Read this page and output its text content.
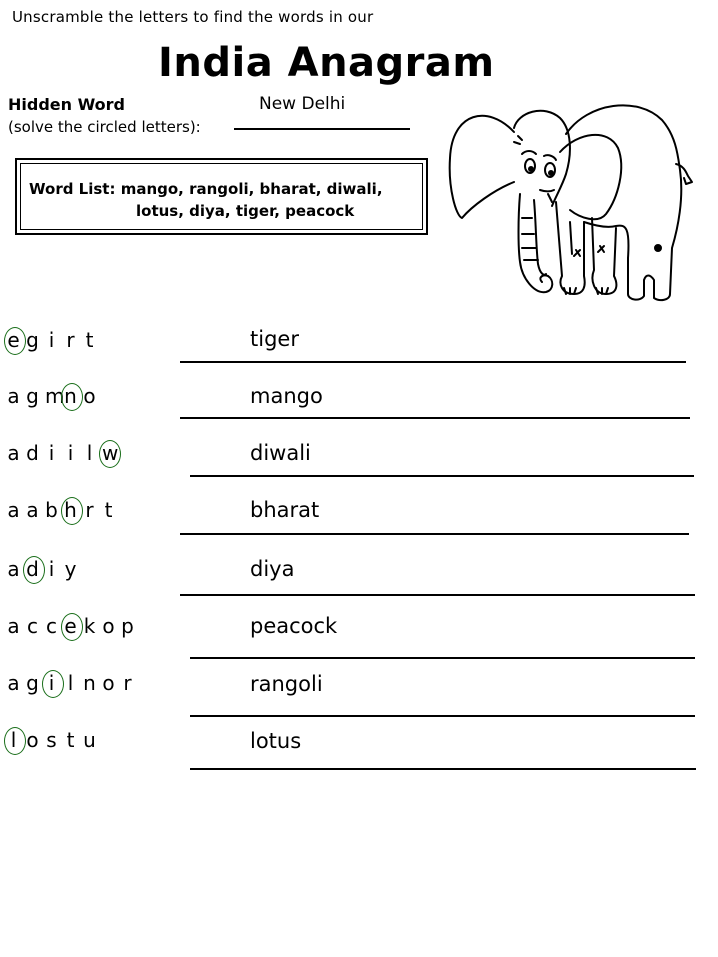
Unscramble the letters to find the words in our
India Anagram
Hidden Word	New Delhi
(solve the circled letters):
Word List: mango, rangoli, bharat, diwali,
lotus, diya, tiger, peacock
e g i r t	tiger
a g m n o	mango
a d i i l w	diwali
a a b h r t	bharat
a d i y	diya
a c c e k o p	peacock
a g i l n o r	rangoli
l o s t u	lotus
